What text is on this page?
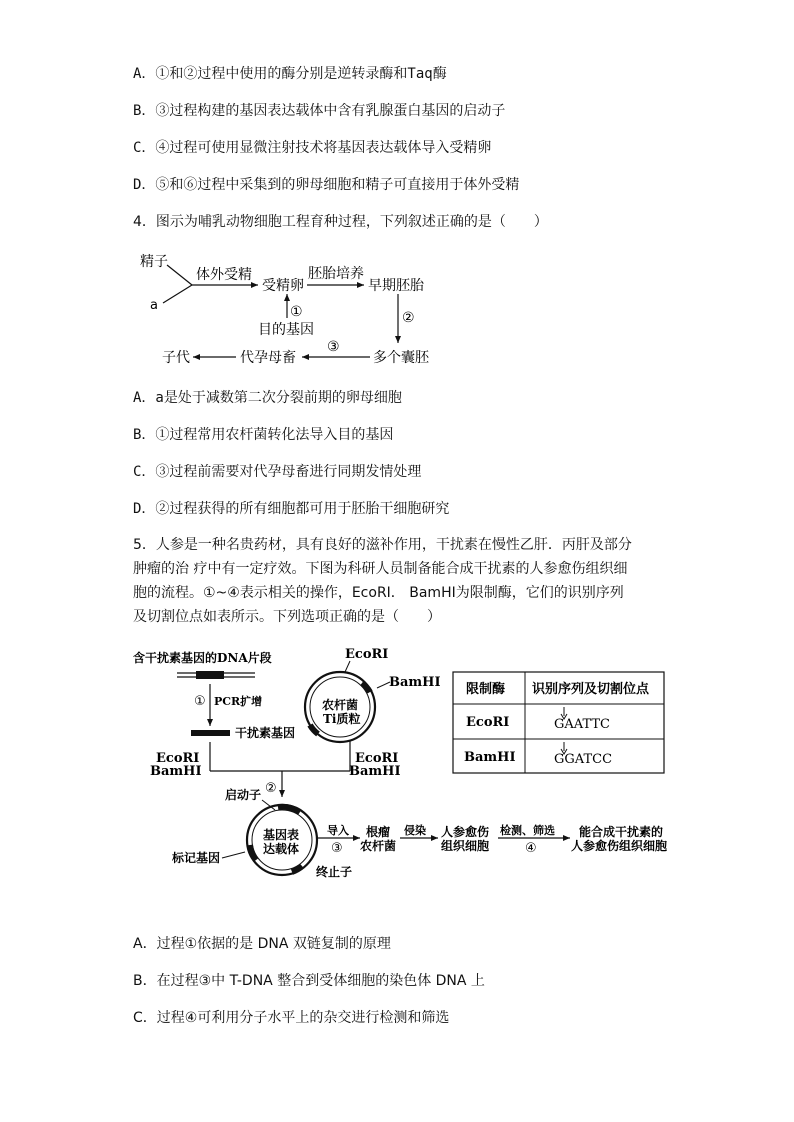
A．①和②过程中使用的酶分别是逆转录酶和Taq酶
B．③过程构建的基因表达载体中含有乳腺蛋白基因的启动子
C．④过程可使用显微注射技术将基因表达载体导入受精卵
D．⑤和⑥过程中采集到的卵母细胞和精子可直接用于体外受精
4．图示为哺乳动物细胞工程育种过程，下列叙述正确的是（　　）
精子
a
体外受精
受精卵
胚胎培养
早期胚胎
①
目的基因
②
多个囊胚
③
代孕母畜
子代
A．a是处于减数第二次分裂前期的卵母细胞
B．①过程常用农杆菌转化法导入目的基因
C．③过程前需要对代孕母畜进行同期发情处理
D．②过程获得的所有细胞都可用于胚胎干细胞研究
5．人参是一种名贵药材，具有良好的滋补作用，干扰素在慢性乙肝．丙肝及部分
肿瘤的治 疗中有一定疗效。下图为科研人员制备能合成干扰素的人参愈伤组织细
胞的流程。①~④表示相关的操作，EcoRⅠ． BamHⅠ为限制酶，它们的识别序列
及切割位点如表所示。下列选项正确的是（　　）
含干扰素基因的DNA片段
① PCR扩增
干扰素基因
EcoRⅠ
BamHⅠ
②
EcoRⅠ
BamHⅠ
农杆菌
Ti质粒
EcoRⅠ
BamHⅠ
启动子
基因表
达载体
标记基因
终止子
导入
③
根瘤
农杆菌
侵染 人参愈伤
组织细胞
检测、筛选
④
能合成干扰素的
人参愈伤组织细胞
限制酶 识别序列及切割位点
EcoRⅠ	GAATTC
BamHⅠ	GGATCC
A．过程①依据的是 DNA 双链复制的原理
B．在过程③中 T-DNA 整合到受体细胞的染色体 DNA 上
C．过程④可利用分子水平上的杂交进行检测和筛选
